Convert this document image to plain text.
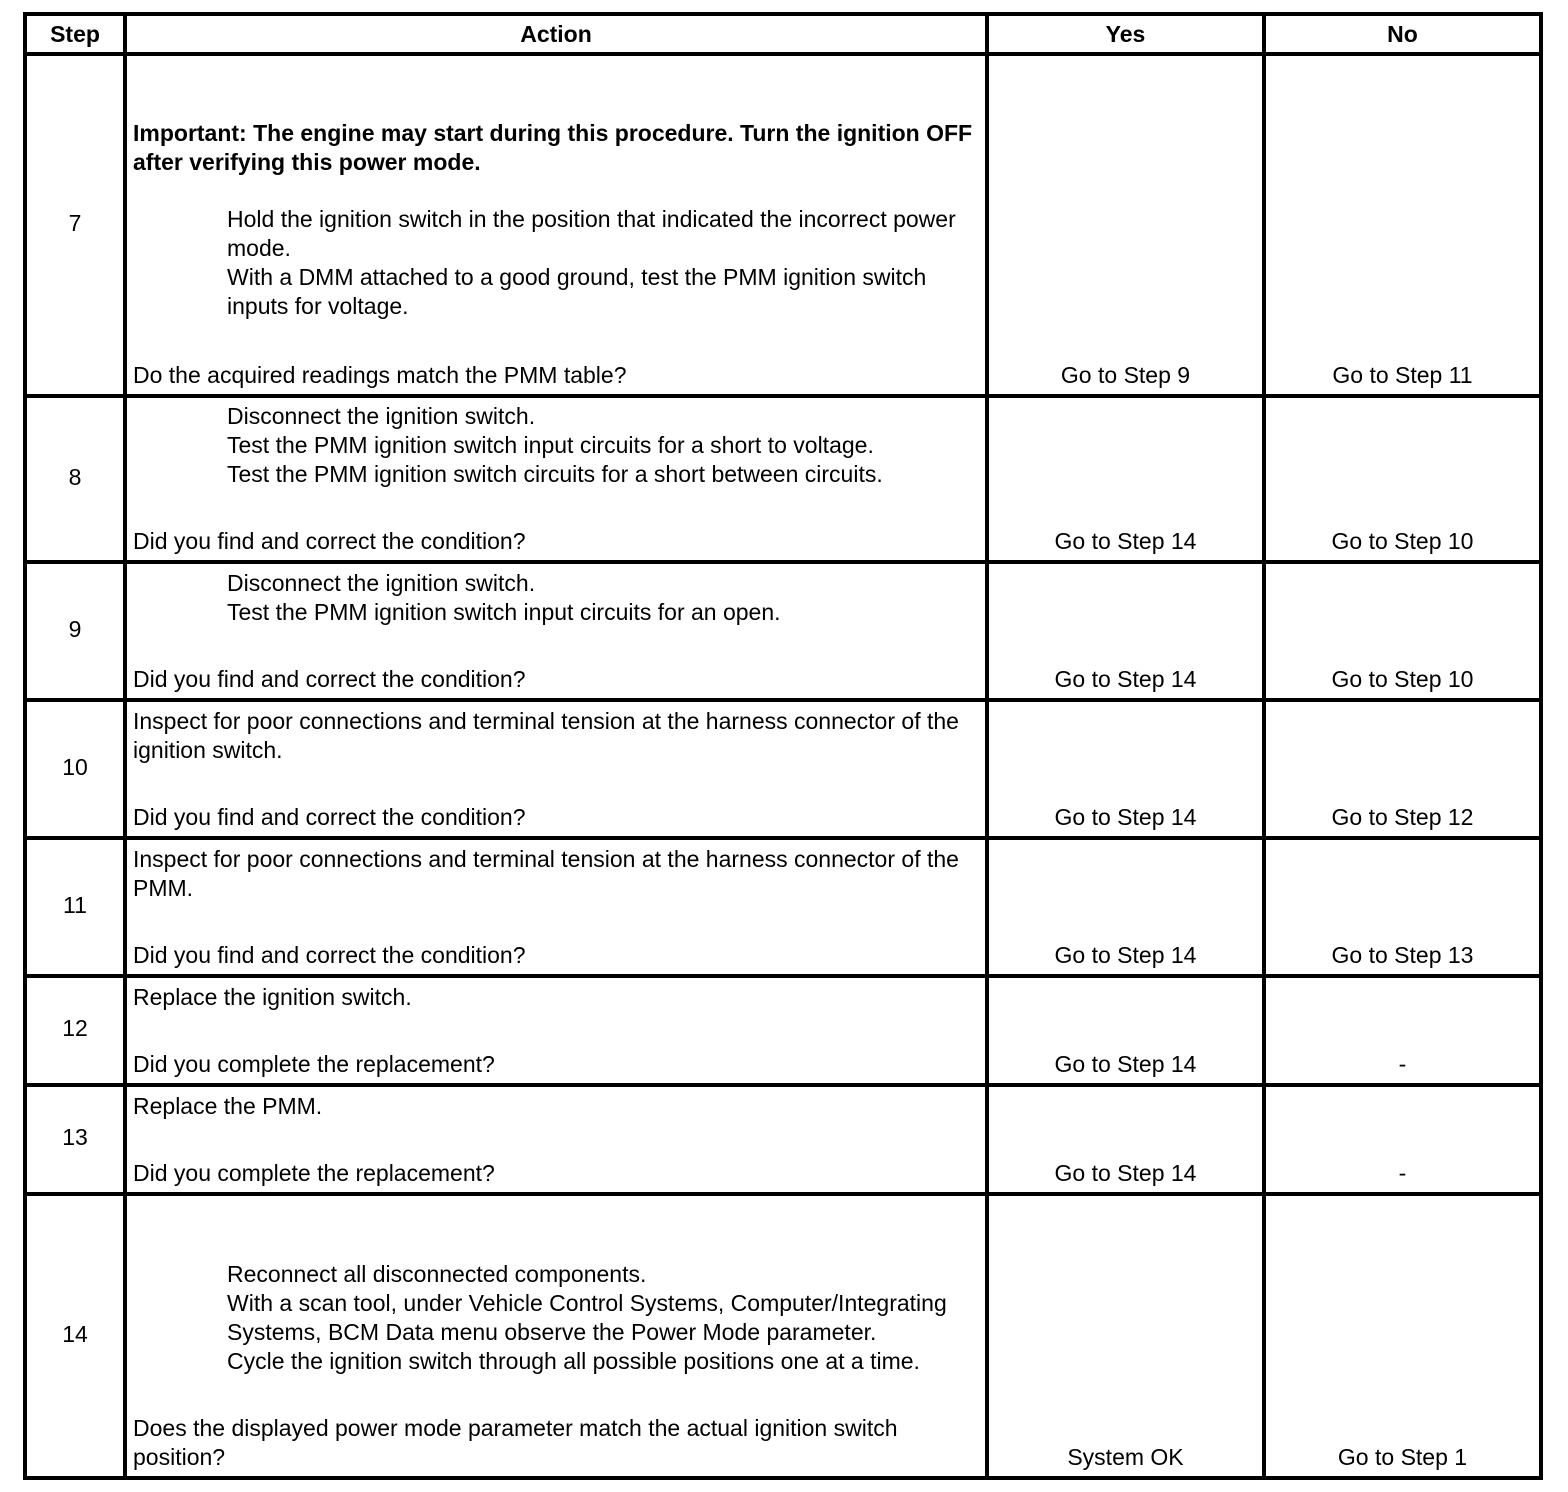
Step	Action	Yes	No
7	Important: The engine may start during this procedure. Turn the ignition OFF after verifying this power mode.
Hold the ignition switch in the position that indicated the incorrect power mode.
With a DMM attached to a good ground, test the PMM ignition switch inputs for voltage.
Do the acquired readings match the PMM table?	Go to Step 9	Go to Step 11
8	Disconnect the ignition switch.
Test the PMM ignition switch input circuits for a short to voltage.
Test the PMM ignition switch circuits for a short between circuits.
Did you find and correct the condition?	Go to Step 14	Go to Step 10
9	Disconnect the ignition switch.
Test the PMM ignition switch input circuits for an open.
Did you find and correct the condition?	Go to Step 14	Go to Step 10
10	Inspect for poor connections and terminal tension at the harness connector of the ignition switch.
Did you find and correct the condition?	Go to Step 14	Go to Step 12
11	Inspect for poor connections and terminal tension at the harness connector of the PMM.
Did you find and correct the condition?	Go to Step 14	Go to Step 13
12	Replace the ignition switch.
Did you complete the replacement?	Go to Step 14	-
13	Replace the PMM.
Did you complete the replacement?	Go to Step 14	-
14	Reconnect all disconnected components.
With a scan tool, under Vehicle Control Systems, Computer/Integrating Systems, BCM Data menu observe the Power Mode parameter.
Cycle the ignition switch through all possible positions one at a time.
Does the displayed power mode parameter match the actual ignition switch position?	System OK	Go to Step 1
